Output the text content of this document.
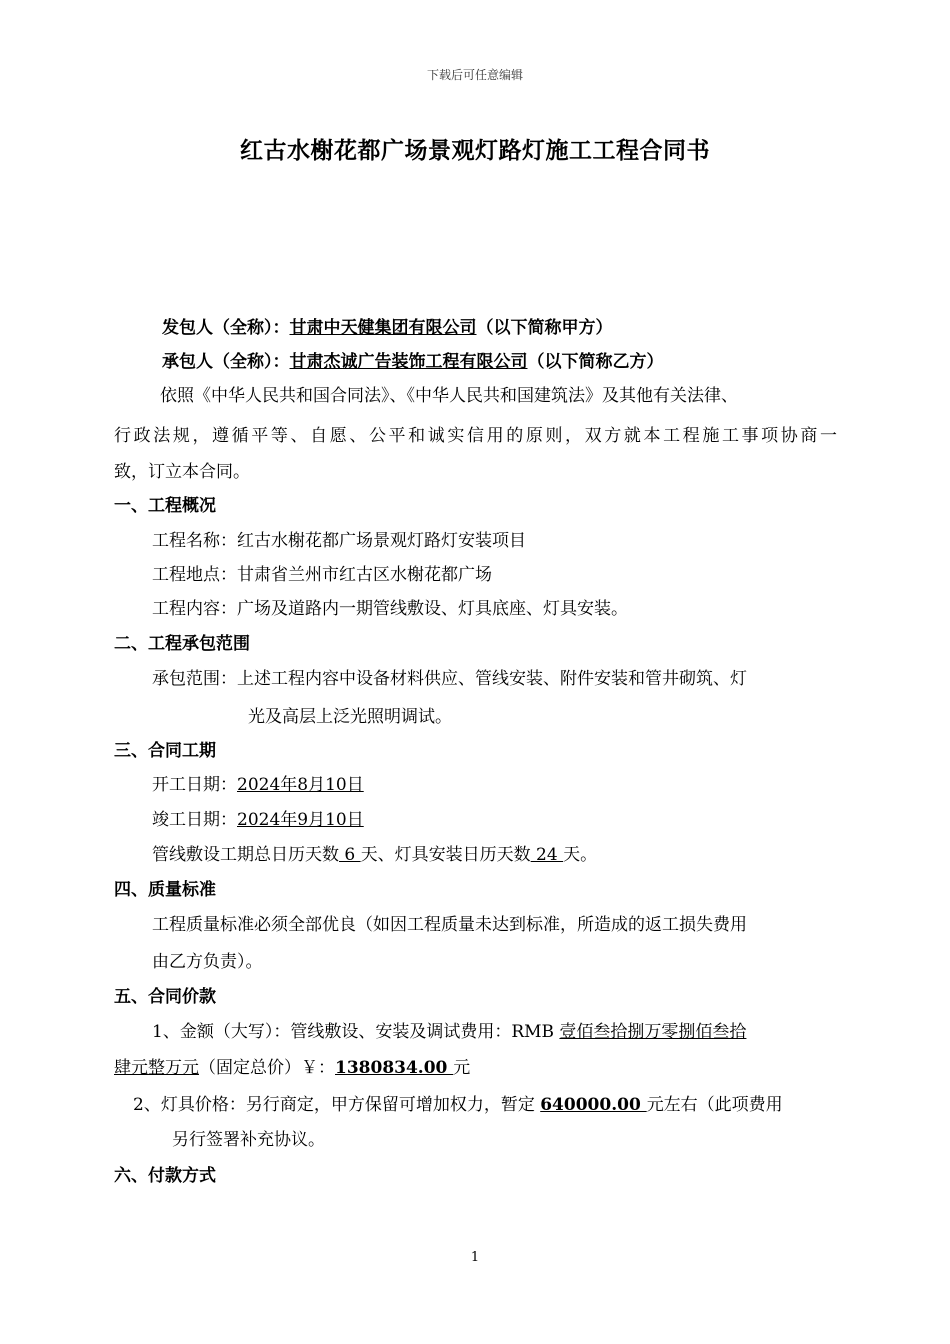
下载后可任意编辑
红古水榭花都广场景观灯路灯施工工程合同书
发包人（全称）：甘肃中天健集团有限公司（以下简称甲方）
承包人（全称）：甘肃杰诚广告装饰工程有限公司（以下简称乙方）
依照《中华人民共和国合同法》、《中华人民共和国建筑法》及其他有关法律、
行政法规，遵循平等、自愿、公平和诚实信用的原则，双方就本工程施工事项协商一
致，订立本合同。
一、工程概况
工程名称：红古水榭花都广场景观灯路灯安装项目
工程地点：甘肃省兰州市红古区水榭花都广场
工程内容：广场及道路内一期管线敷设、灯具底座、灯具安装。
二、工程承包范围
承包范围：上述工程内容中设备材料供应、管线安装、附件安装和管井砌筑、灯
光及高层上泛光照明调试。
三、合同工期
开工日期：2024年8月10日
竣工日期：2024年9月10日
管线敷设工期总日历天数 6 天、灯具安装日历天数 24 天。
四、质量标准
工程质量标准必须全部优良（如因工程质量未达到标准，所造成的返工损失费用
由乙方负责）。
五、合同价款
1、金额（大写）：管线敷设、安装及调试费用：RMB 壹佰叁拾捌万零捌佰叁拾
肆元整万元（固定总价）￥：1380834.00 元
2、灯具价格：另行商定，甲方保留可增加权力，暂定 640000.00 元左右（此项费用
另行签署补充协议。
六、付款方式
1
